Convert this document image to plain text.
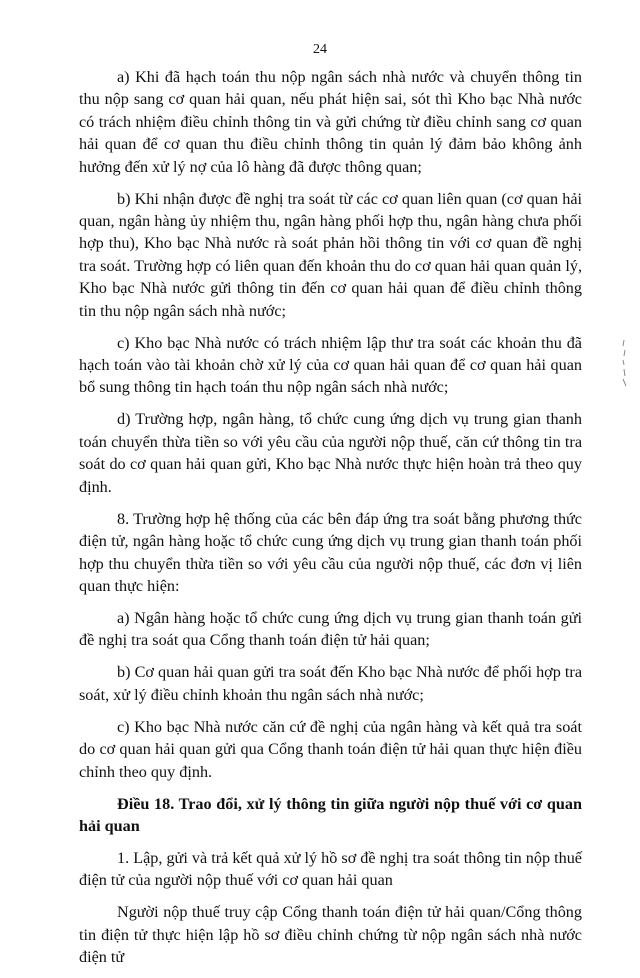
24

a) Khi đã hạch toán thu nộp ngân sách nhà nước và chuyển thông tin thu nộp sang cơ quan hải quan, nếu phát hiện sai, sót thì Kho bạc Nhà nước có trách nhiệm điều chỉnh thông tin và gửi chứng từ điều chỉnh sang cơ quan hải quan để cơ quan thu điều chỉnh thông tin quản lý đảm bảo không ảnh hưởng đến xử lý nợ của lô hàng đã được thông quan;

b) Khi nhận được đề nghị tra soát từ các cơ quan liên quan (cơ quan hải quan, ngân hàng ủy nhiệm thu, ngân hàng phối hợp thu, ngân hàng chưa phối hợp thu), Kho bạc Nhà nước rà soát phản hồi thông tin với cơ quan đề nghị tra soát. Trường hợp có liên quan đến khoản thu do cơ quan hải quan quản lý, Kho bạc Nhà nước gửi thông tin đến cơ quan hải quan để điều chỉnh thông tin thu nộp ngân sách nhà nước;

c) Kho bạc Nhà nước có trách nhiệm lập thư tra soát các khoản thu đã hạch toán vào tài khoản chờ xử lý của cơ quan hải quan để cơ quan hải quan bổ sung thông tin hạch toán thu nộp ngân sách nhà nước;

d) Trường hợp, ngân hàng, tổ chức cung ứng dịch vụ trung gian thanh toán chuyển thừa tiền so với yêu cầu của người nộp thuế, căn cứ thông tin tra soát do cơ quan hải quan gửi, Kho bạc Nhà nước thực hiện hoàn trả theo quy định.

8. Trường hợp hệ thống của các bên đáp ứng tra soát bằng phương thức điện tử, ngân hàng hoặc tổ chức cung ứng dịch vụ trung gian thanh toán phối hợp thu chuyển thừa tiền so với yêu cầu của người nộp thuế, các đơn vị liên quan thực hiện:

a) Ngân hàng hoặc tổ chức cung ứng dịch vụ trung gian thanh toán gửi đề nghị tra soát qua Cổng thanh toán điện tử hải quan;

b) Cơ quan hải quan gửi tra soát đến Kho bạc Nhà nước để phối hợp tra soát, xử lý điều chỉnh khoản thu ngân sách nhà nước;

c) Kho bạc Nhà nước căn cứ đề nghị của ngân hàng và kết quả tra soát do cơ quan hải quan gửi qua Cổng thanh toán điện tử hải quan thực hiện điều chỉnh theo quy định.

Điều 18. Trao đổi, xử lý thông tin giữa người nộp thuế với cơ quan hải quan

1. Lập, gửi và trả kết quả xử lý hồ sơ đề nghị tra soát thông tin nộp thuế điện tử của người nộp thuế với cơ quan hải quan

Người nộp thuế truy cập Cổng thanh toán điện tử hải quan/Cổng thông tin điện tử thực hiện lập hồ sơ điều chỉnh chứng từ nộp ngân sách nhà nước điện tử
